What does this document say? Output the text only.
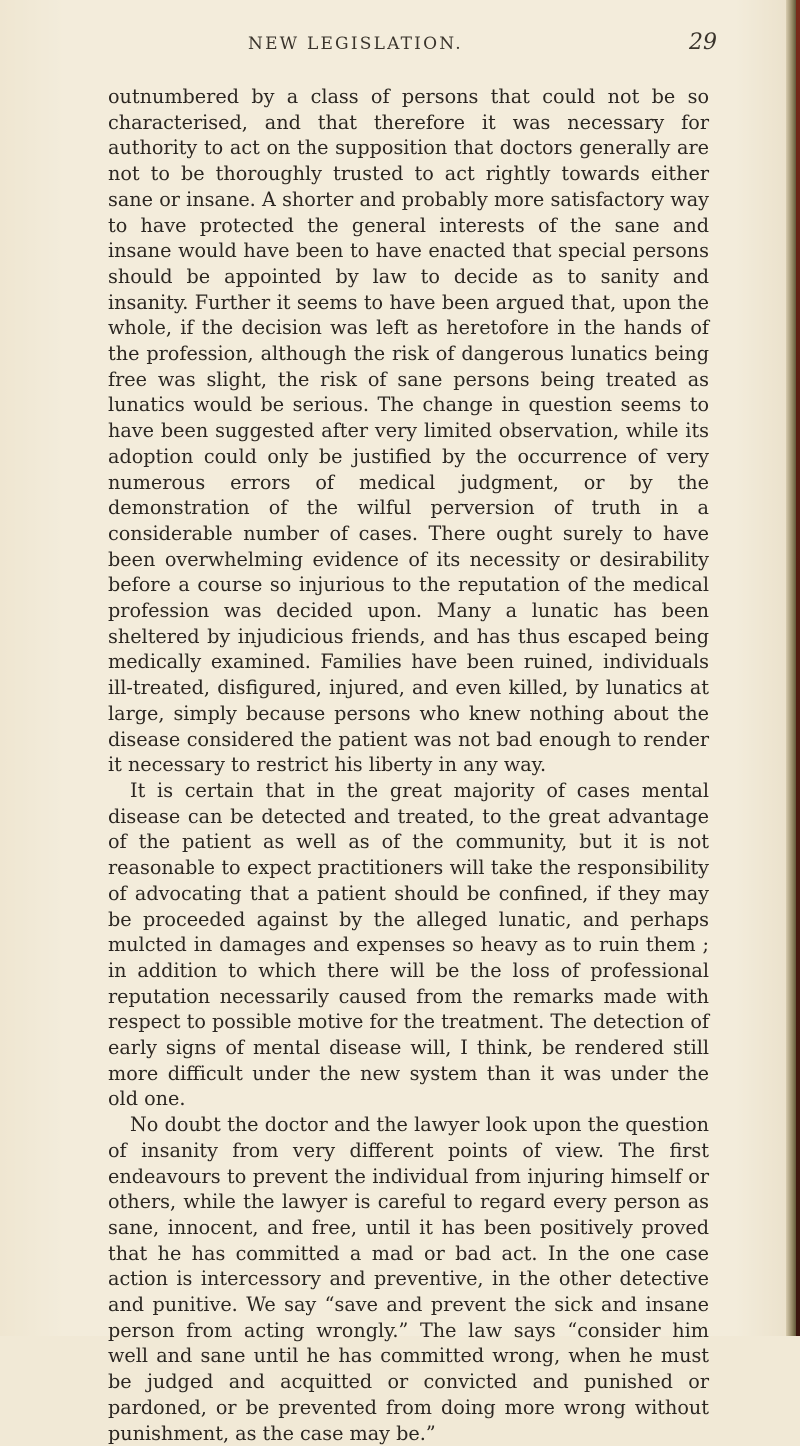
NEW LEGISLATION.	29

outnumbered by a class of persons that could not be so characterised, and that therefore it was necessary for authority to act on the supposition that doctors generally are not to be thoroughly trusted to act rightly towards either sane or insane. A shorter and probably more satisfactory way to have protected the general interests of the sane and insane would have been to have enacted that special persons should be appointed by law to decide as to sanity and insanity. Further it seems to have been argued that, upon the whole, if the decision was left as heretofore in the hands of the profession, although the risk of dangerous lunatics being free was slight, the risk of sane persons being treated as lunatics would be serious. The change in question seems to have been suggested after very limited observation, while its adoption could only be justified by the occurrence of very numerous errors of medical judgment, or by the demonstration of the wilful perversion of truth in a considerable number of cases. There ought surely to have been overwhelming evidence of its necessity or desirability before a course so injurious to the reputation of the medical profession was decided upon. Many a lunatic has been sheltered by injudicious friends, and has thus escaped being medically examined. Families have been ruined, individuals ill-treated, disfigured, injured, and even killed, by lunatics at large, simply because persons who knew nothing about the disease considered the patient was not bad enough to render it necessary to restrict his liberty in any way.

It is certain that in the great majority of cases mental disease can be detected and treated, to the great advantage of the patient as well as of the community, but it is not reasonable to expect practitioners will take the responsibility of advocating that a patient should be confined, if they may be proceeded against by the alleged lunatic, and perhaps mulcted in damages and expenses so heavy as to ruin them ; in addition to which there will be the loss of professional reputation necessarily caused from the remarks made with respect to possible motive for the treatment. The detection of early signs of mental disease will, I think, be rendered still more difficult under the new system than it was under the old one.

No doubt the doctor and the lawyer look upon the question of insanity from very different points of view. The first endeavours to prevent the individual from injuring himself or others, while the lawyer is careful to regard every person as sane, innocent, and free, until it has been positively proved that he has committed a mad or bad act. In the one case action is intercessory and preventive, in the other detective and punitive. We say “save and prevent the sick and insane person from acting wrongly.” The law says “consider him well and sane until he has committed wrong, when he must be judged and acquitted or convicted and punished or pardoned, or be prevented from doing more wrong without punishment, as the case may be.”
